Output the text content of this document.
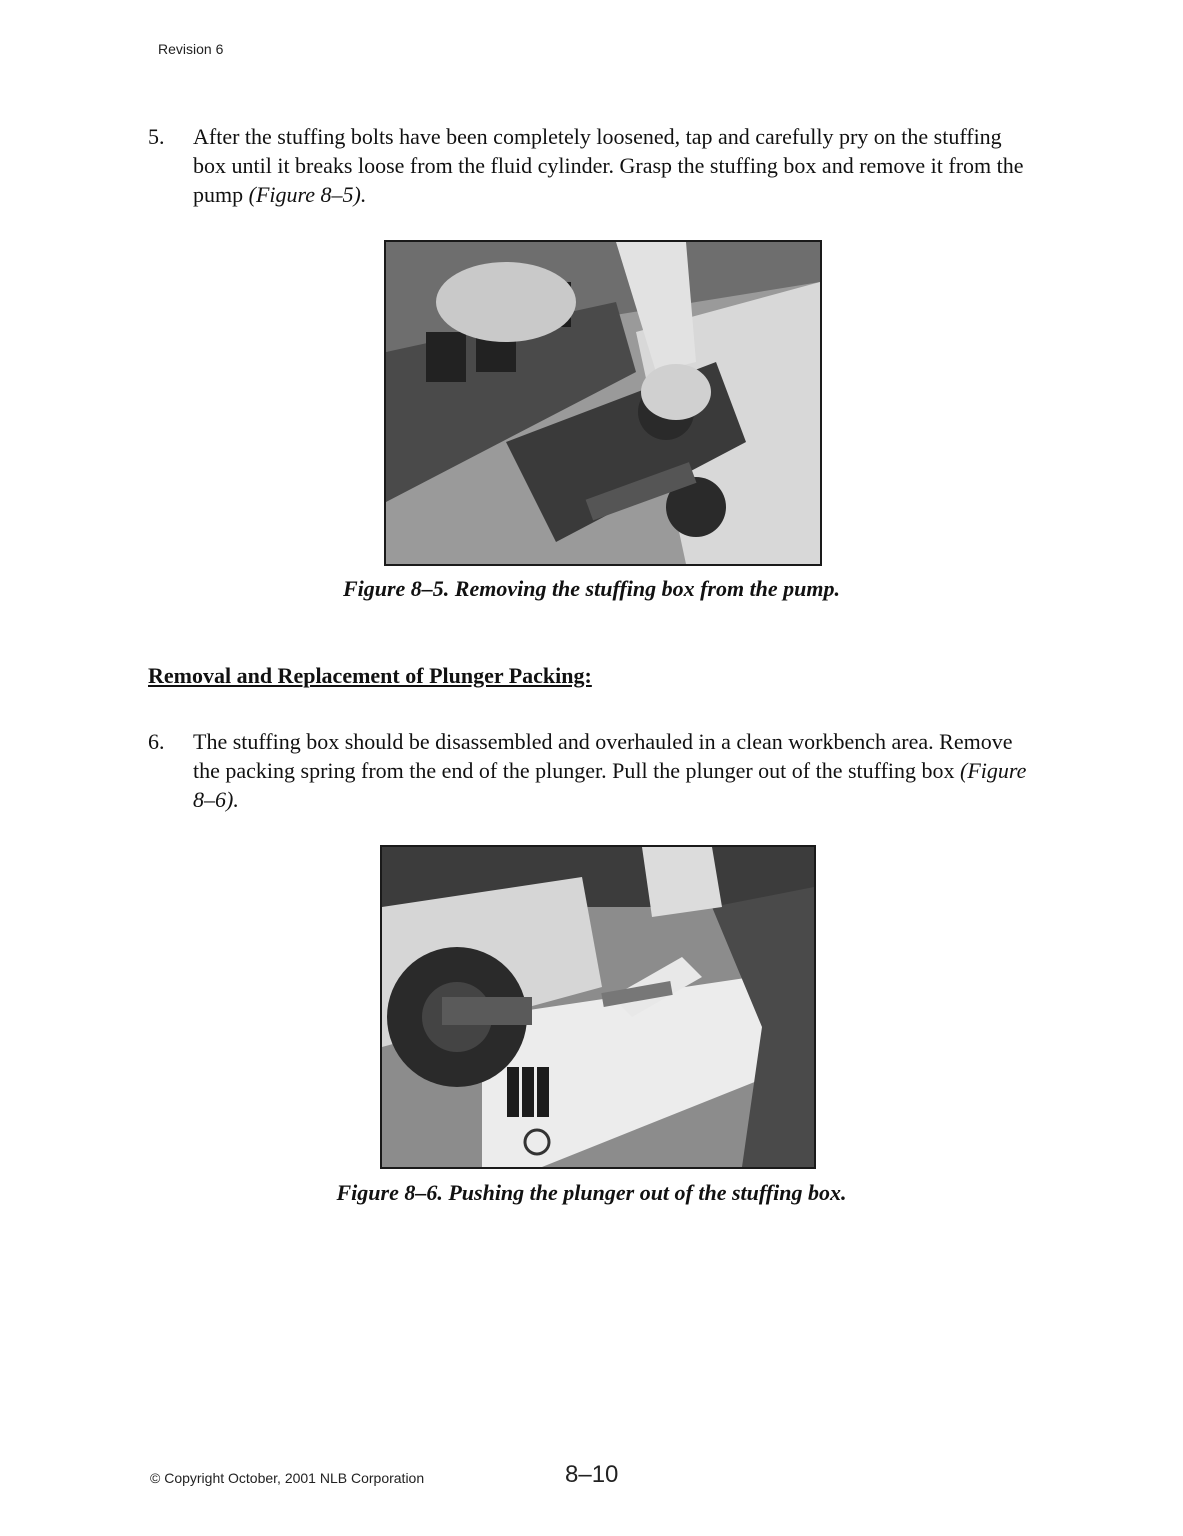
Revision 6
5. After the stuffing bolts have been completely loosened, tap and carefully pry on the stuffing box until it breaks loose from the fluid cylinder. Grasp the stuffing box and remove it from the pump (Figure 8–5).
Figure 8–5. Removing the stuffing box from the pump.
Removal and Replacement of Plunger Packing:
6. The stuffing box should be disassembled and overhauled in a clean workbench area. Remove the packing spring from the end of the plunger. Pull the plunger out of the stuffing box (Figure 8–6).
Figure 8–6. Pushing the plunger out of the stuffing box.
© Copyright October, 2001 NLB Corporation	8–10
